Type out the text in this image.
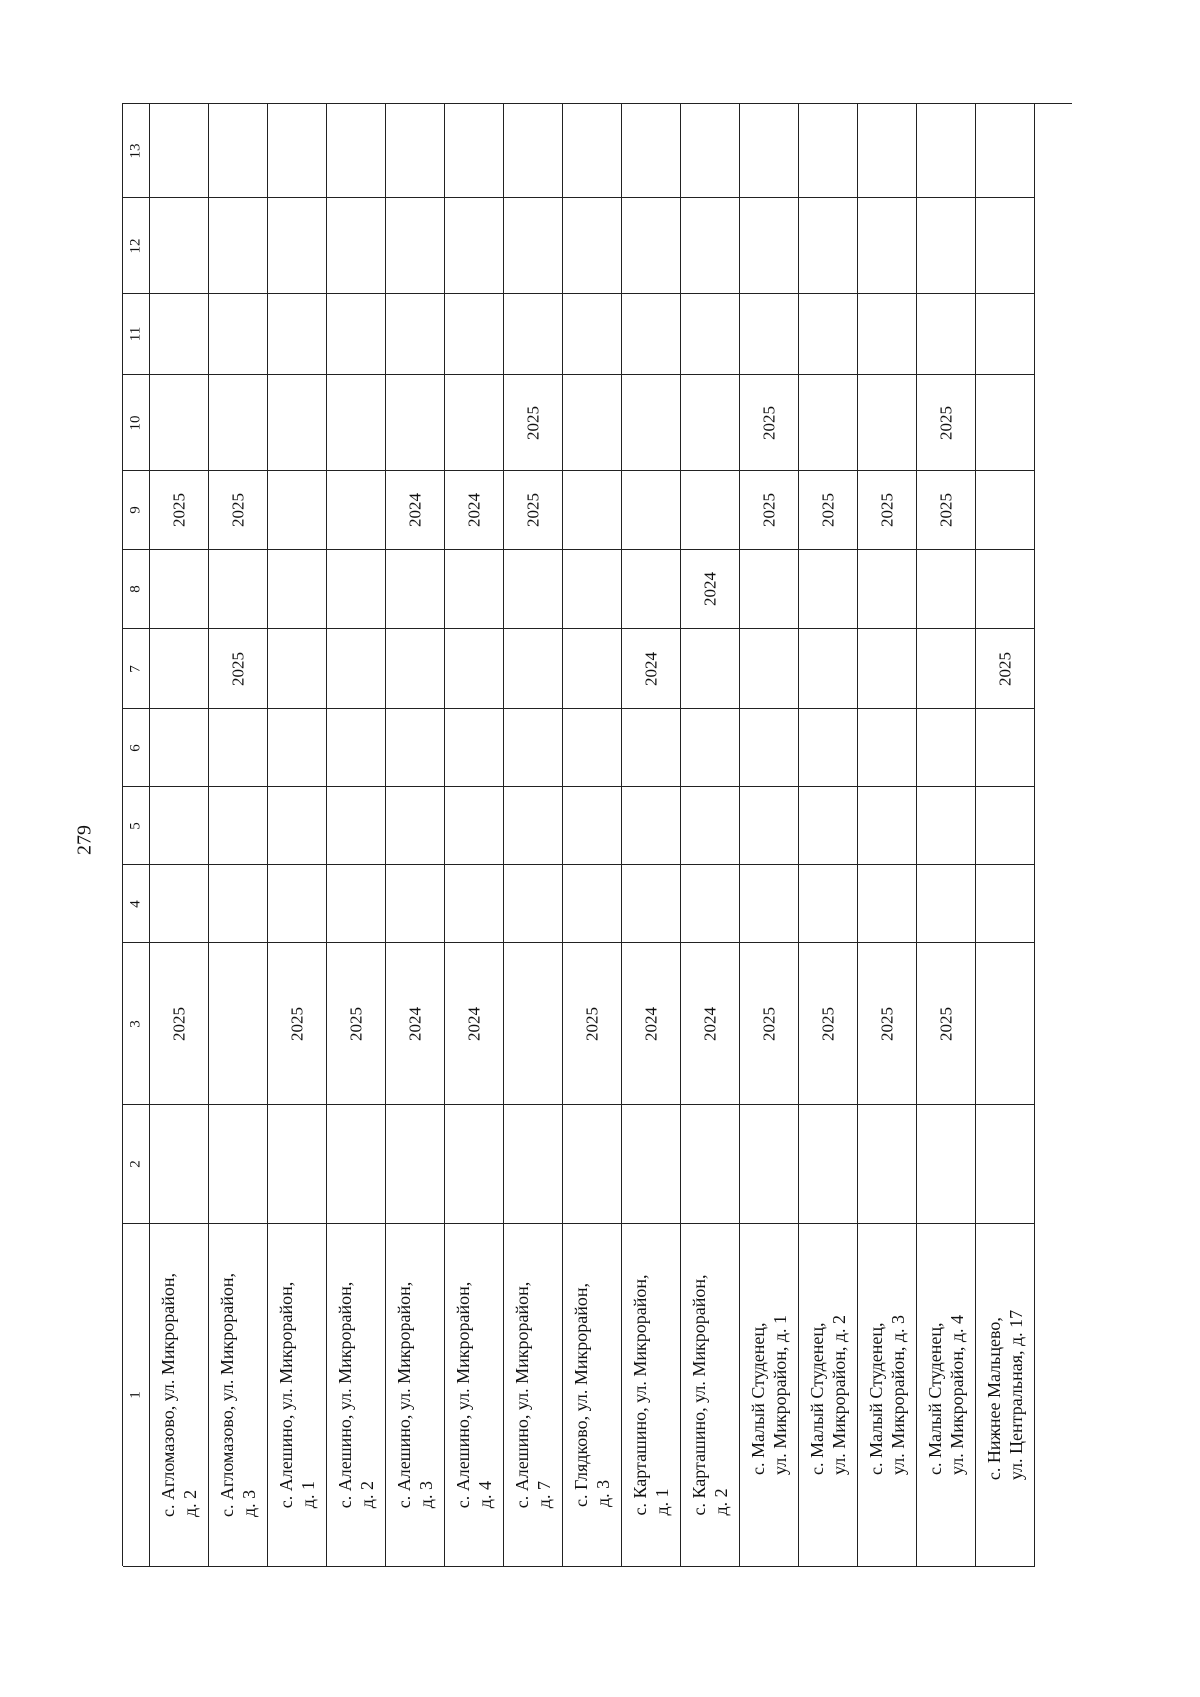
279
13
12
11
10
9
8
7
6
5
4
3
2
1
2025
2025
с. Агломазово, ул. Микрорайон, д. 2
2025
2025
с. Агломазово, ул. Микрорайон, д. 3
2025
с. Алешино, ул. Микрорайон, д. 1
2025
с. Алешино, ул. Микрорайон, д. 2
2024
2024
с. Алешино, ул. Микрорайон, д. 3
2024
2024
с. Алешино, ул. Микрорайон, д. 4
2025
2025
с. Алешино, ул. Микрорайон, д. 7
2025
с. Глядково, ул. Микрорайон, д. 3
2024
2024
с. Карташино, ул. Микрорайон, д. 1
2024
2024
с. Карташино, ул. Микрорайон, д. 2
2025
2025
2025
с. Малый Студенец, ул. Микрорайон, д. 1
2025
2025
с. Малый Студенец, ул. Микрорайон, д. 2
2025
2025
с. Малый Студенец, ул. Микрорайон, д. 3
2025
2025
2025
с. Малый Студенец, ул. Микрорайон, д. 4
2025
с. Нижнее Мальцево, ул. Центральная, д. 17
